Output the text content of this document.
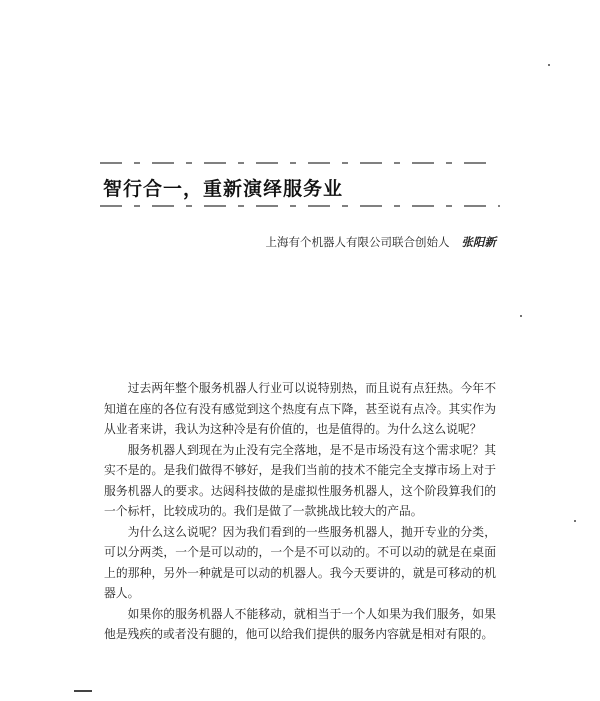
智行合一，重新演绎服务业
上海有个机器人有限公司联合创始人 张阳新

过去两年整个服务机器人行业可以说特别热，而且说有点狂热。今年不知道在座的各位有没有感觉到这个热度有点下降，甚至说有点冷。其实作为从业者来讲，我认为这种冷是有价值的，也是值得的。为什么这么说呢？

服务机器人到现在为止没有完全落地，是不是市场没有这个需求呢？其实不是的。是我们做得不够好，是我们当前的技术不能完全支撑市场上对于服务机器人的要求。达闼科技做的是虚拟性服务机器人，这个阶段算我们的一个标杆，比较成功的。我们是做了一款挑战比较大的产品。

为什么这么说呢？因为我们看到的一些服务机器人，抛开专业的分类，可以分两类，一个是可以动的，一个是不可以动的。不可以动的就是在桌面上的那种，另外一种就是可以动的机器人。我今天要讲的，就是可移动的机器人。

如果你的服务机器人不能移动，就相当于一个人如果为我们服务，如果他是残疾的或者没有腿的，他可以给我们提供的服务内容就是相对有限的。
